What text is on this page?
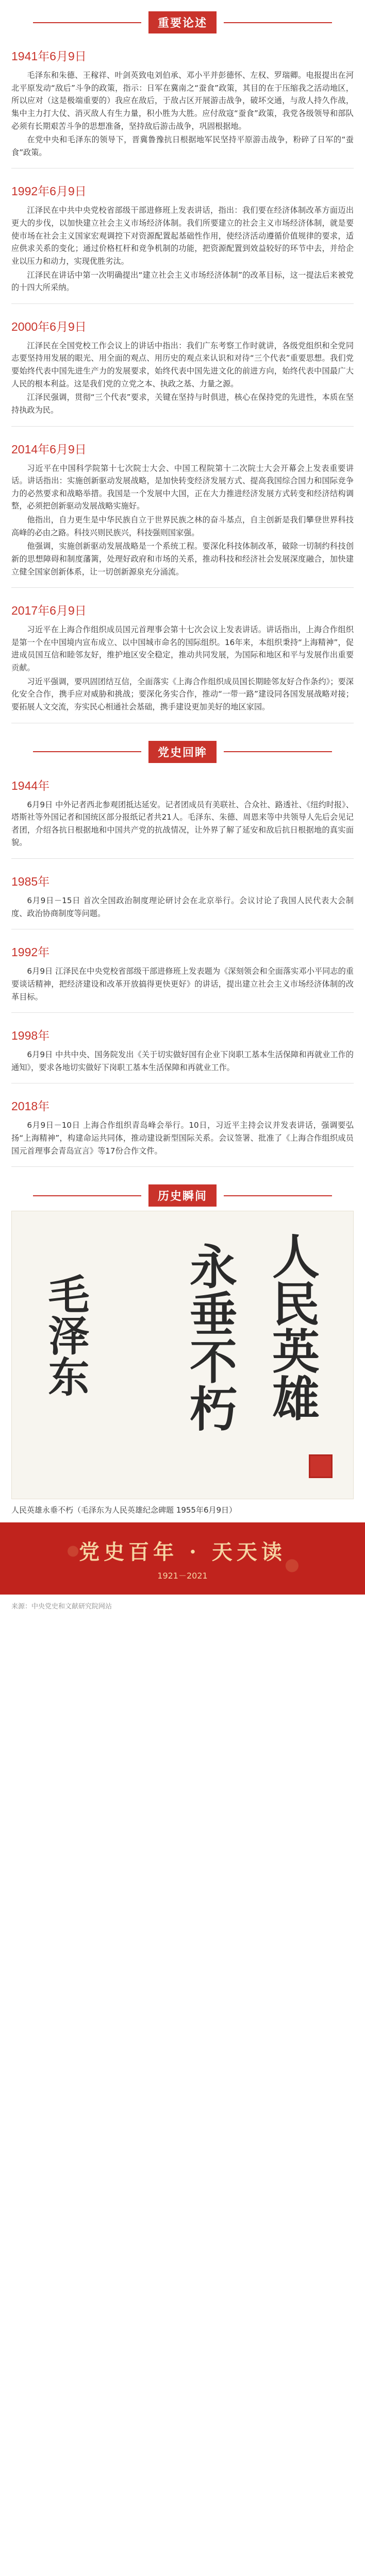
重要论述
1941年6月9日

毛泽东和朱德、王稼祥、叶剑英致电刘伯承、邓小平并彭德怀、左权、罗瑞卿。电报提出在河北平原发动“敌后”斗争的政策，指示：日军在冀南之“蚕食”政策，其目的在于压缩我之活动地区，所以应对（这是极端重要的）我应在敌后，于敌占区开展游击战争，破坏交通，与敌人持久作战，集中主力打大仗、消灭敌人有生力量，积小胜为大胜。应付敌寇“蚕食”政策，我党各级领导和部队必须有长期艰苦斗争的思想准备，坚持敌后游击战争，巩固根据地。

在党中央和毛泽东的领导下，晋冀鲁豫抗日根据地军民坚持平原游击战争，粉碎了日军的“蚕食”政策。

1992年6月9日

江泽民在中共中央党校省部级干部进修班上发表讲话，指出：我们要在经济体制改革方面迈出更大的步伐，以加快建立社会主义市场经济体制。我们所要建立的社会主义市场经济体制，就是要使市场在社会主义国家宏观调控下对资源配置起基础性作用，使经济活动遵循价值规律的要求，适应供求关系的变化；通过价格杠杆和竞争机制的功能，把资源配置到效益较好的环节中去，并给企业以压力和动力，实现优胜劣汰。

江泽民在讲话中第一次明确提出“建立社会主义市场经济体制”的改革目标，这一提法后来被党的十四大所采纳。

2000年6月9日

江泽民在全国党校工作会议上的讲话中指出：我们广东考察工作时就讲，各级党组织和全党同志要坚持用发展的眼光、用全面的观点、用历史的观点来认识和对待“三个代表”重要思想。我们党要始终代表中国先进生产力的发展要求，始终代表中国先进文化的前进方向，始终代表中国最广大人民的根本利益。这是我们党的立党之本、执政之基、力量之源。

江泽民强调，贯彻“三个代表”要求，关键在坚持与时俱进，核心在保持党的先进性，本质在坚持执政为民。

2014年6月9日

习近平在中国科学院第十七次院士大会、中国工程院第十二次院士大会开幕会上发表重要讲话。讲话指出：实施创新驱动发展战略，是加快转变经济发展方式、提高我国综合国力和国际竞争力的必然要求和战略举措。我国是一个发展中大国，正在大力推进经济发展方式转变和经济结构调整，必须把创新驱动发展战略实施好。

他指出，自力更生是中华民族自立于世界民族之林的奋斗基点，自主创新是我们攀登世界科技高峰的必由之路。科技兴则民族兴，科技强则国家强。

他强调，实施创新驱动发展战略是一个系统工程。要深化科技体制改革，破除一切制约科技创新的思想障碍和制度藩篱，处理好政府和市场的关系，推动科技和经济社会发展深度融合，加快建立健全国家创新体系，让一切创新源泉充分涌流。

2017年6月9日

习近平在上海合作组织成员国元首理事会第十七次会议上发表讲话。讲话指出，上海合作组织是第一个在中国境内宣布成立、以中国城市命名的国际组织。16年来，本组织秉持“上海精神”，促进成员国互信和睦邻友好，维护地区安全稳定，推动共同发展，为国际和地区和平与发展作出重要贡献。

习近平强调，要巩固团结互信，全面落实《上海合作组织成员国长期睦邻友好合作条约》；要深化安全合作，携手应对威胁和挑战；要深化务实合作，推动“一带一路”建设同各国发展战略对接；要拓展人文交流，夯实民心相通社会基础，携手建设更加美好的地区家园。

党史回眸
1944年

6月9日 中外记者西北参观团抵达延安。记者团成员有美联社、合众社、路透社、《纽约时报》、塔斯社等外国记者和国统区部分报纸记者共21人。毛泽东、朱德、周恩来等中共领导人先后会见记者团，介绍各抗日根据地和中国共产党的抗战情况，让外界了解了延安和敌后抗日根据地的真实面貌。

1985年

6月9日－15日 首次全国政治制度理论研讨会在北京举行。会议讨论了我国人民代表大会制度、政治协商制度等问题。

1992年

6月9日 江泽民在中央党校省部级干部进修班上发表题为《深刻领会和全面落实邓小平同志的重要谈话精神，把经济建设和改革开放搞得更快更好》的讲话，提出建立社会主义市场经济体制的改革目标。

1998年

6月9日 中共中央、国务院发出《关于切实做好国有企业下岗职工基本生活保障和再就业工作的通知》，要求各地切实做好下岗职工基本生活保障和再就业工作。

2018年

6月9日－10日 上海合作组织青岛峰会举行。10日，习近平主持会议并发表讲话，强调要弘扬“上海精神”，构建命运共同体，推动建设新型国际关系。会议签署、批准了《上海合作组织成员国元首理事会青岛宣言》等17份合作文件。

历史瞬间
人民英雄
永垂不朽
毛泽东
人民英雄永垂不朽（毛泽东为人民英雄纪念碑题 1955年6月9日）
党史百年 · 天天读
1921－2021
来源：中央党史和文献研究院网站
